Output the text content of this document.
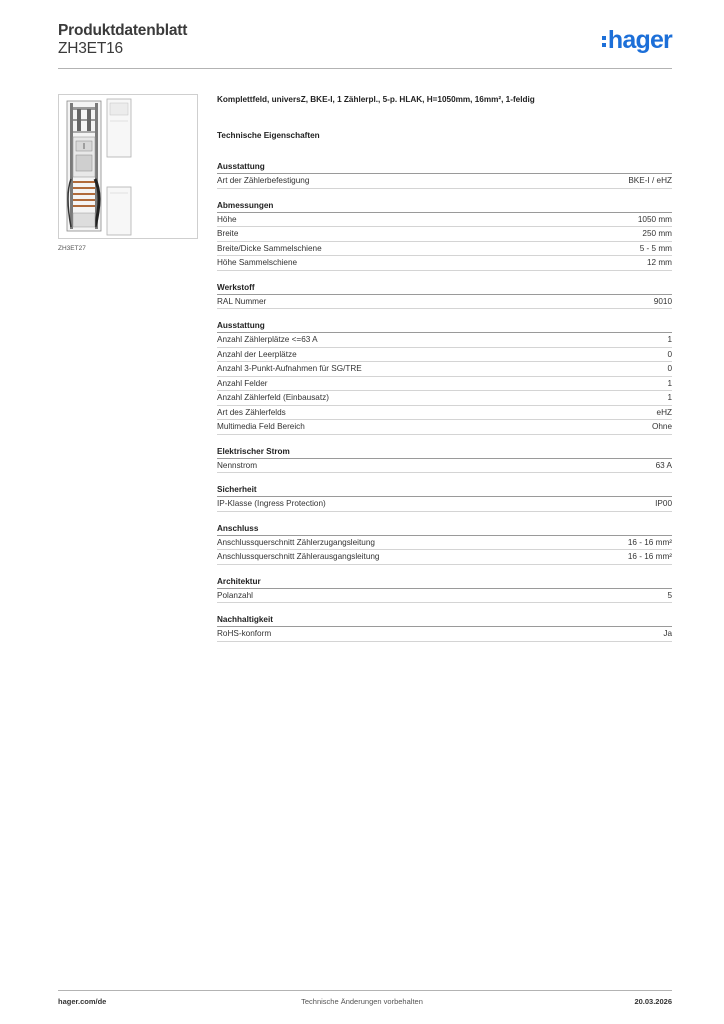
Produktdatenblatt
ZH3ET16	hager
ZH3ET27
Komplettfeld, universZ, BKE-I, 1 Zählerpl., 5-p. HLAK, H=1050mm, 16mm², 1-feldig
Technische Eigenschaften
Ausstattung
Art der Zählerbefestigung	BKE-I / eHZ
Abmessungen
Höhe	1050 mm
Breite	250 mm
Breite/Dicke Sammelschiene	5 - 5 mm
Höhe Sammelschiene	12 mm
Werkstoff
RAL Nummer	9010
Ausstattung
Anzahl Zählerplätze <=63 A	1
Anzahl der Leerplätze	0
Anzahl 3-Punkt-Aufnahmen für SG/TRE	0
Anzahl Felder	1
Anzahl Zählerfeld (Einbausatz)	1
Art des Zählerfelds	eHZ
Multimedia Feld Bereich	Ohne
Elektrischer Strom
Nennstrom	63 A
Sicherheit
IP-Klasse (Ingress Protection)	IP00
Anschluss
Anschlussquerschnitt Zählerzugangsleitung	16 - 16 mm²
Anschlussquerschnitt Zählerausgangsleitung	16 - 16 mm²
Architektur
Polanzahl	5
Nachhaltigkeit
RoHS-konform	Ja
hager.com/de	Technische Änderungen vorbehalten	20.03.2026
